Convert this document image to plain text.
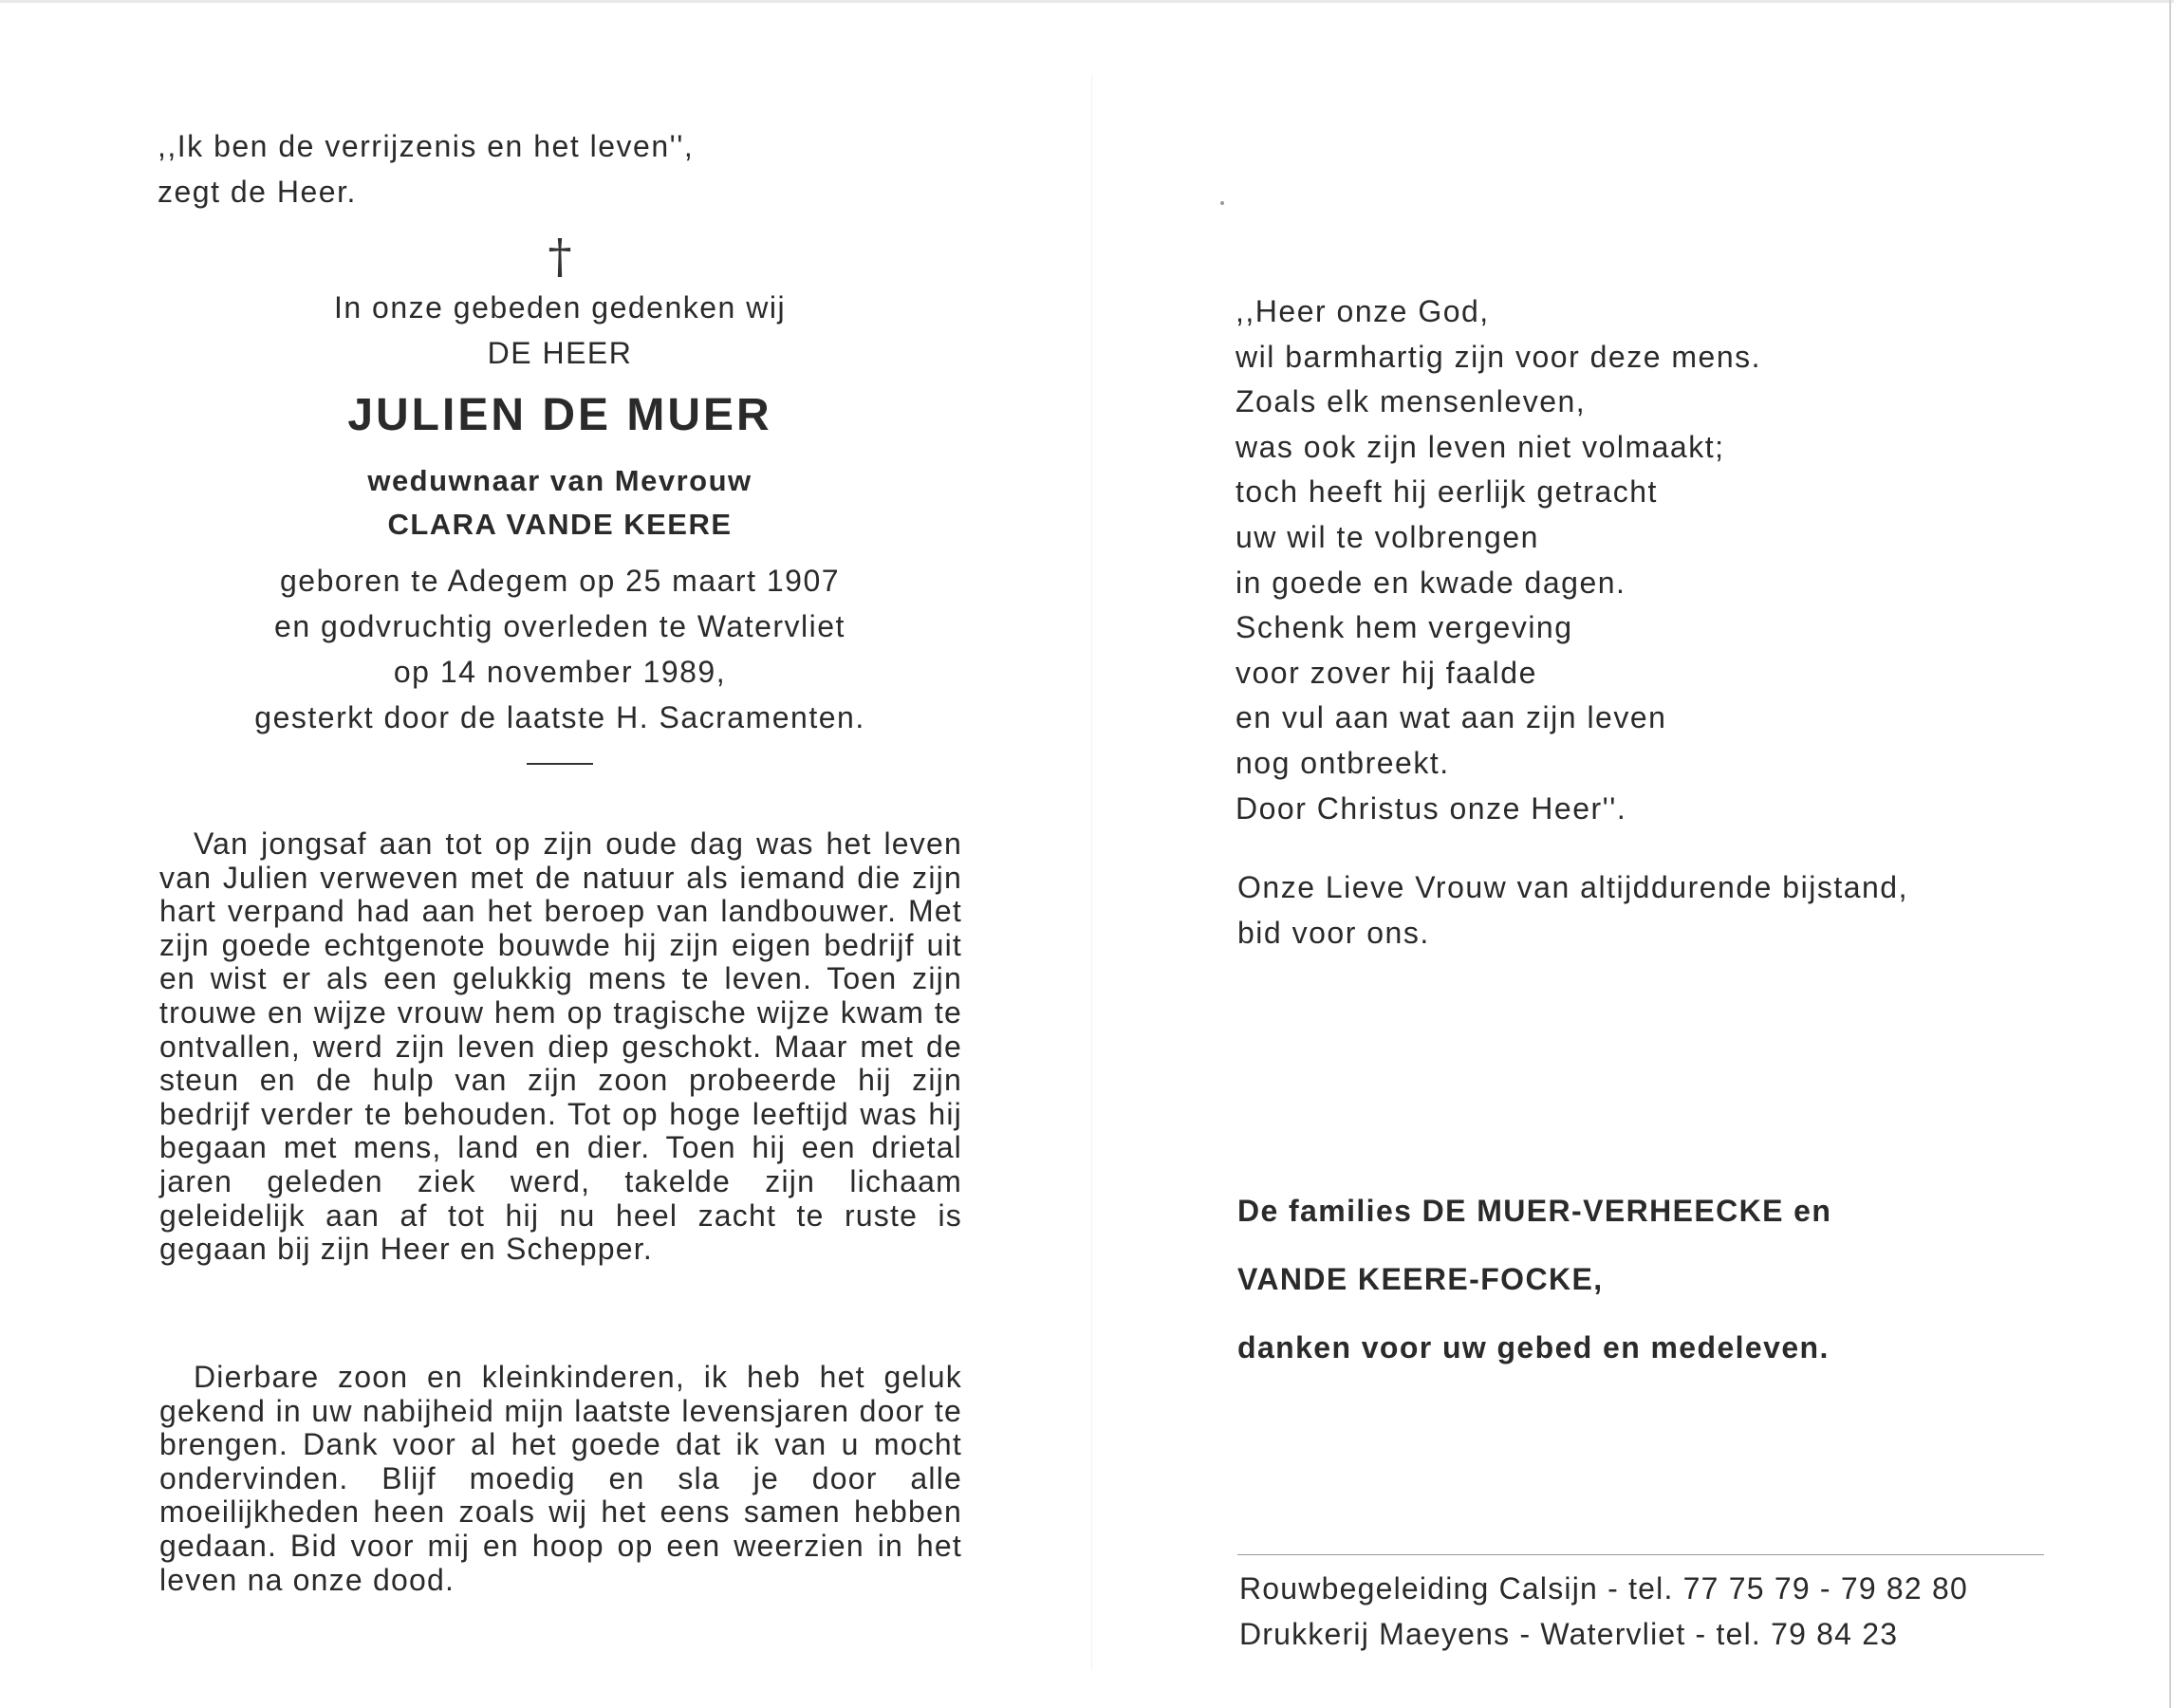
,,Ik ben de verrijzenis en het leven'',
zegt de Heer.
†
In onze gebeden gedenken wij
DE HEER
JULIEN DE MUER
weduwnaar van Mevrouw
CLARA VANDE KEERE
geboren te Adegem op 25 maart 1907
en godvruchtig overleden te Watervliet
op 14 november 1989,
gesterkt door de laatste H. Sacramenten.

Van jongsaf aan tot op zijn oude dag was het leven van Julien verweven met de natuur als iemand die zijn hart verpand had aan het beroep van landbouwer. Met zijn goede echtgenote bouwde hij zijn eigen bedrijf uit en wist er als een gelukkig mens te leven. Toen zijn trouwe en wijze vrouw hem op tragische wijze kwam te ontvallen, werd zijn leven diep geschokt. Maar met de steun en de hulp van zijn zoon probeerde hij zijn bedrijf verder te behouden. Tot op hoge leeftijd was hij begaan met mens, land en dier. Toen hij een drietal jaren geleden ziek werd, takelde zijn lichaam geleidelijk aan af tot hij nu heel zacht te ruste is gegaan bij zijn Heer en Schepper.

Dierbare zoon en kleinkinderen, ik heb het geluk gekend in uw nabijheid mijn laatste levensjaren door te brengen. Dank voor al het goede dat ik van u mocht ondervinden. Blijf moedig en sla je door alle moeilijkheden heen zoals wij het eens samen hebben gedaan. Bid voor mij en hoop op een weerzien in het leven na onze dood.

,,Heer onze God,
wil barmhartig zijn voor deze mens.
Zoals elk mensenleven,
was ook zijn leven niet volmaakt;
toch heeft hij eerlijk getracht
uw wil te volbrengen
in goede en kwade dagen.
Schenk hem vergeving
voor zover hij faalde
en vul aan wat aan zijn leven
nog ontbreekt.
Door Christus onze Heer''.
Onze Lieve Vrouw van altijddurende bijstand,
bid voor ons.
De families DE MUER-VERHEECKE en
VANDE KEERE-FOCKE,
danken voor uw gebed en medeleven.
Rouwbegeleiding Calsijn - tel. 77 75 79 - 79 82 80
Drukkerij Maeyens - Watervliet - tel. 79 84 23
